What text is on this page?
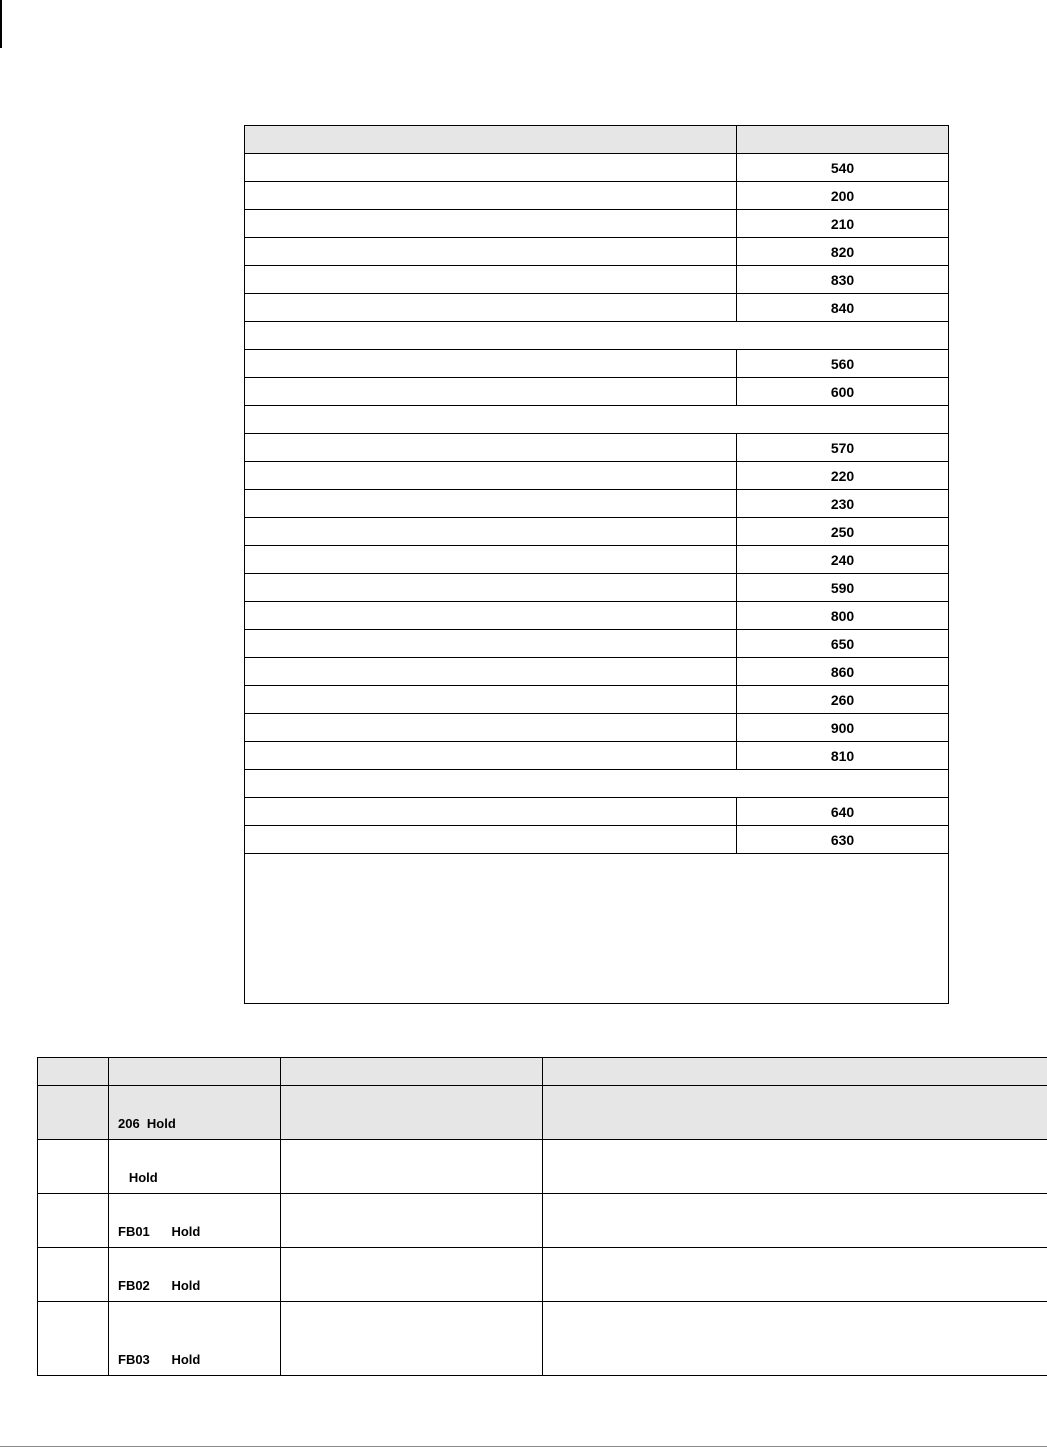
	540
	200
	210
	820
	830
	840

	560
	600

	570
	220
	230
	250
	240
	590
	800
	650
	860
	260
	900
	810

	640
	630

	206  Hold		
	Hold		
	FB01      Hold		
	FB02      Hold		
	FB03      Hold		
